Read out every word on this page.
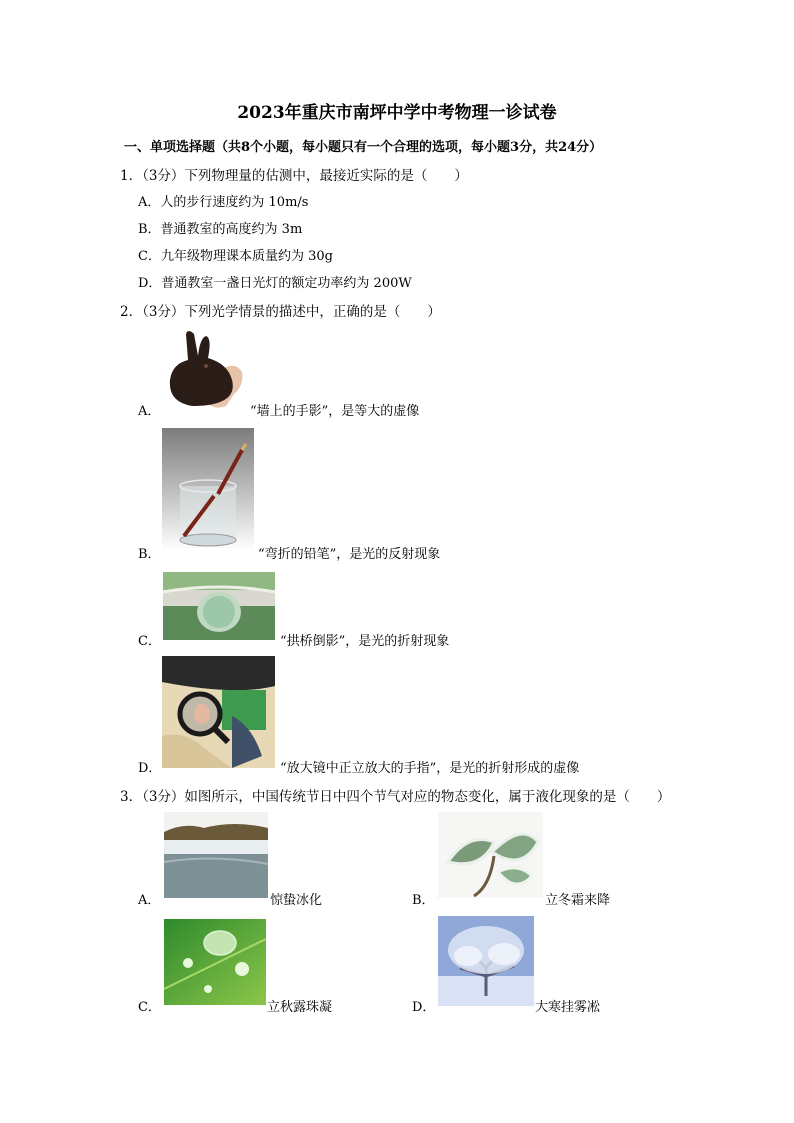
2023年重庆市南坪中学中考物理一诊试卷
一、单项选择题（共8个小题，每小题只有一个合理的选项，每小题3分，共24分）
1．（3分）下列物理量的估测中，最接近实际的是（　　）
A．人的步行速度约为 10m/s
B．普通教室的高度约为 3m
C．九年级物理课本质量约为 30g
D．普通教室一盏日光灯的额定功率约为 200W
2．（3分）下列光学情景的描述中，正确的是（　　）
A．	“墙上的手影”，是等大的虚像
B．	“弯折的铅笔”，是光的反射现象
C．	“拱桥倒影”，是光的折射现象
D．	“放大镜中正立放大的手指”，是光的折射形成的虚像
3．（3分）如图所示，中国传统节日中四个节气对应的物态变化，属于液化现象的是（　　）
A．	惊蛰冰化	B．	立冬霜来降
C．	立秋露珠凝	D．	大寒挂雾凇
